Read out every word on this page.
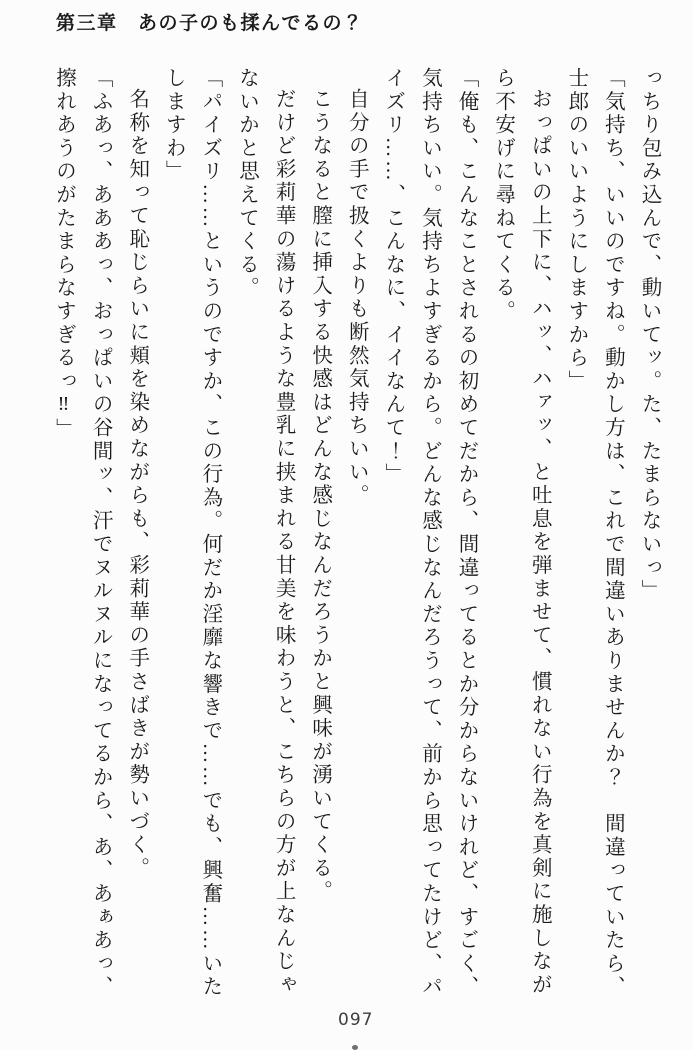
第三章　あの子のも揉んでるの？

っちり包み込んで、動いてッ。た、たまらないっ」

「気持ち、いいのですね。動かし方は、これで間違いありませんか？　間違っていたら、士郎のいいようにしますから」

おっぱいの上下に、ハッ、ハァッ、と吐息を弾ませて、慣れない行為を真剣に施しながら不安げに尋ねてくる。

「俺も、こんなことされるの初めてだから、間違ってるとか分からないけれど、すごく、気持ちいい。気持ちよすぎるから。どんな感じなんだろうって、前から思ってたけど、パイズリ……、こんなに、イイなんて！」

自分の手で扱くよりも断然気持ちいい。

こうなると膣に挿入する快感はどんな感じなんだろうかと興味が湧いてくる。

だけど彩莉華の蕩けるような豊乳に挟まれる甘美を味わうと、こちらの方が上なんじゃないかと思えてくる。

「パイズリ……というのですか、この行為。何だか淫靡な響きで……でも、興奮……いたしますわ」

名称を知って恥じらいに頬を染めながらも、彩莉華の手さばきが勢いづく。

「ふあっ、あああっ、おっぱいの谷間ッ、汗でヌルヌルになってるから、あ、あぁあっ、擦れあうのがたまらなすぎるっ‼」

097
